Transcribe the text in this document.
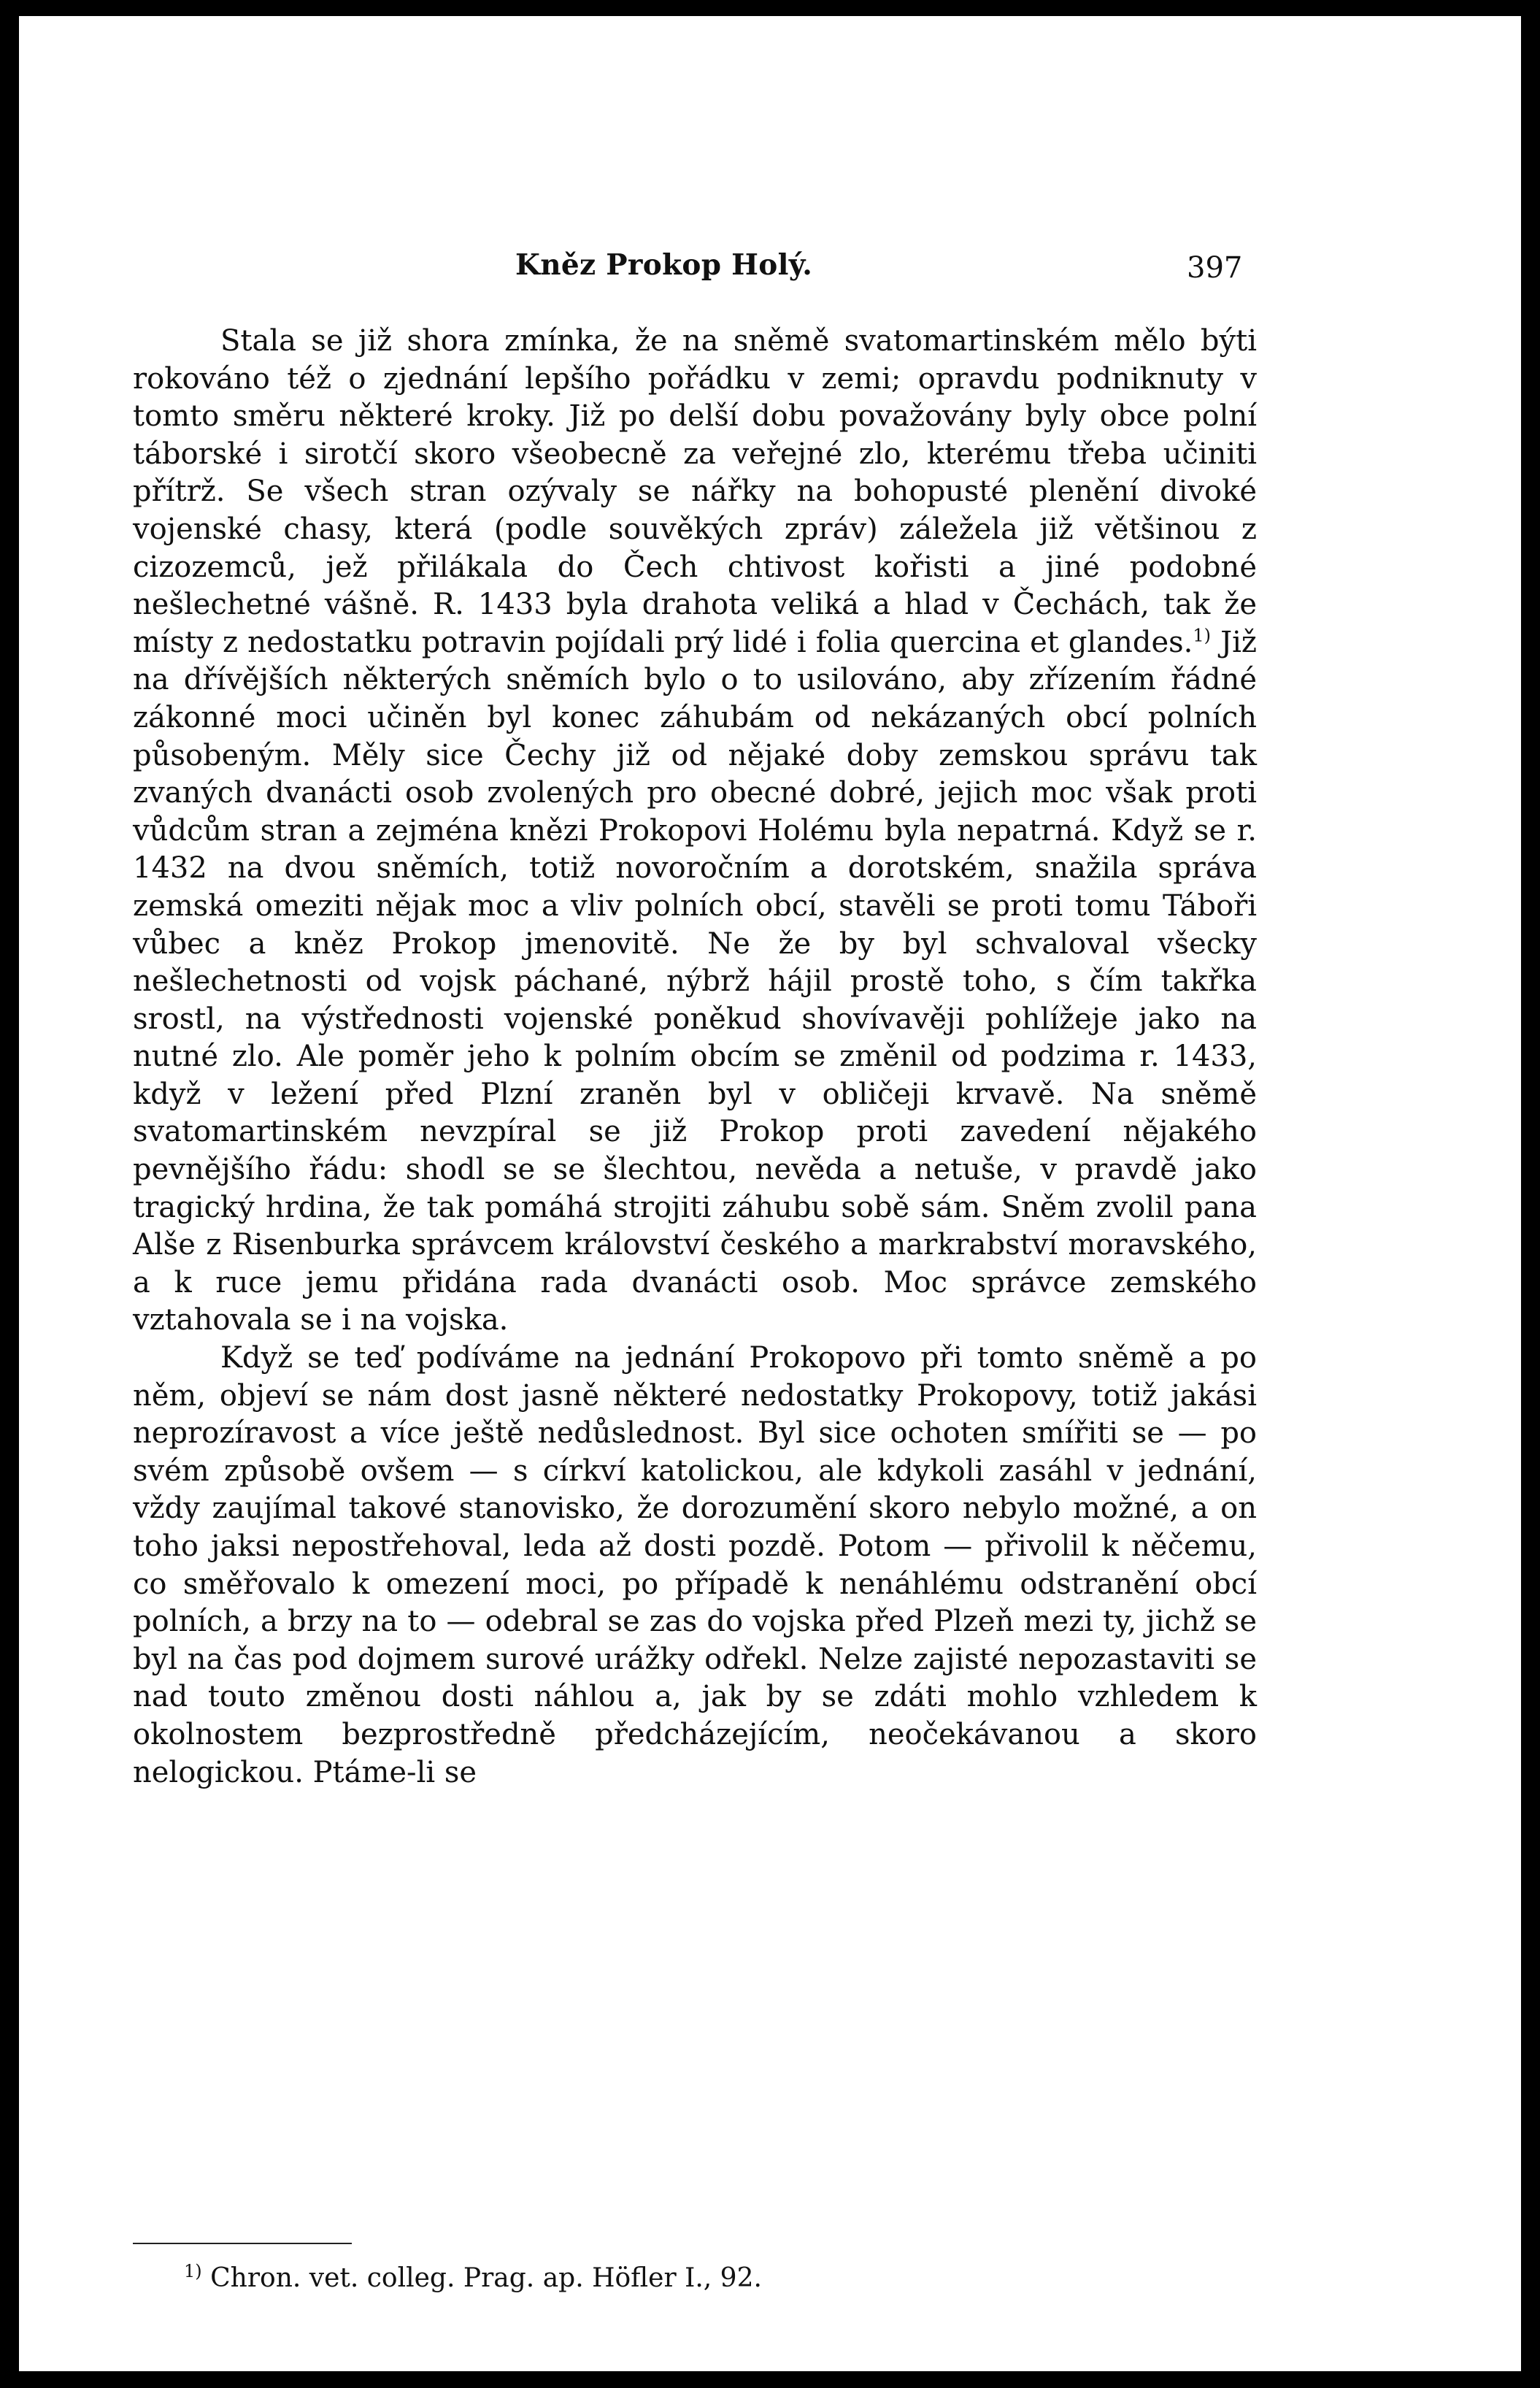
Kněz Prokop Holý.	397

Stala se již shora zmínka, že na sněmě svatomartinském mělo býti rokováno též o zjednání lepšího pořádku v zemi; opravdu podniknuty v tomto směru některé kroky. Již po delší dobu považovány byly obce polní táborské i sirotčí skoro všeobecně za veřejné zlo, kterému třeba učiniti přítrž. Se všech stran ozývaly se nářky na bohopusté plenění divoké vojenské chasy, která (podle souvěkých zpráv) záležela již většinou z cizozemců, jež přilákala do Čech chtivost kořisti a jiné podobné nešlechetné vášně. R. 1433 byla drahota veliká a hlad v Čechách, tak že místy z nedostatku potravin pojídali prý lidé i folia quercina et glandes.$^{1)}$ Již na dřívějších některých sněmích bylo o to usilováno, aby zřízením řádné zákonné moci učiněn byl konec záhubám od nekázaných obcí polních působeným. Měly sice Čechy již od nějaké doby zemskou správu tak zvaných dvanácti osob zvolených pro obecné dobré, jejich moc však proti vůdcům stran a zejména knězi Prokopovi Holému byla nepatrná. Když se r. 1432 na dvou sněmích, totiž novoročním a dorotském, snažila správa zemská omeziti nějak moc a vliv polních obcí, stavěli se proti tomu Táboři vůbec a kněz Prokop jmenovitě. Ne že by byl schvaloval všecky nešlechetnosti od vojsk páchané, nýbrž hájil prostě toho, s čím takřka srostl, na výstřednosti vojenské poněkud shovívavěji pohlížeje jako na nutné zlo. Ale poměr jeho k polním obcím se změnil od podzima r. 1433, když v ležení před Plzní zraněn byl v obličeji krvavě. Na sněmě svatomartinském nevzpíral se již Prokop proti zavedení nějakého pevnějšího řádu: shodl se se šlechtou, nevěda a netuše, v pravdě jako tragický hrdina, že tak pomáhá strojiti záhubu sobě sám. Sněm zvolil pana Alše z Risenburka správcem království českého a markrabství moravského, a k ruce jemu přidána rada dvanácti osob. Moc správce zemského vztahovala se i na vojska.

Když se teď podíváme na jednání Prokopovo při tomto sněmě a po něm, objeví se nám dost jasně některé nedostatky Prokopovy, totiž jakási neprozíravost a více ještě nedůslednost. Byl sice ochoten smířiti se — po svém způsobě ovšem — s církví katolickou, ale kdykoli zasáhl v jednání, vždy zaujímal takové stanovisko, že dorozumění skoro nebylo možné, a on toho jaksi nepostřehoval, leda až dosti pozdě. Potom — přivolil k něčemu, co směřovalo k omezení moci, po případě k nenáhlému odstranění obcí polních, a brzy na to — odebral se zas do vojska před Plzeň mezi ty, jichž se byl na čas pod dojmem surové urážky odřekl. Nelze zajisté nepozastaviti se nad touto změnou dosti náhlou a, jak by se zdáti mohlo vzhledem k okolnostem bezprostředně předcházejícím, neočekávanou a skoro nelogickou. Ptáme-li se

$^{1)}$ Chron. vet. colleg. Prag. ap. Höfler I., 92.
